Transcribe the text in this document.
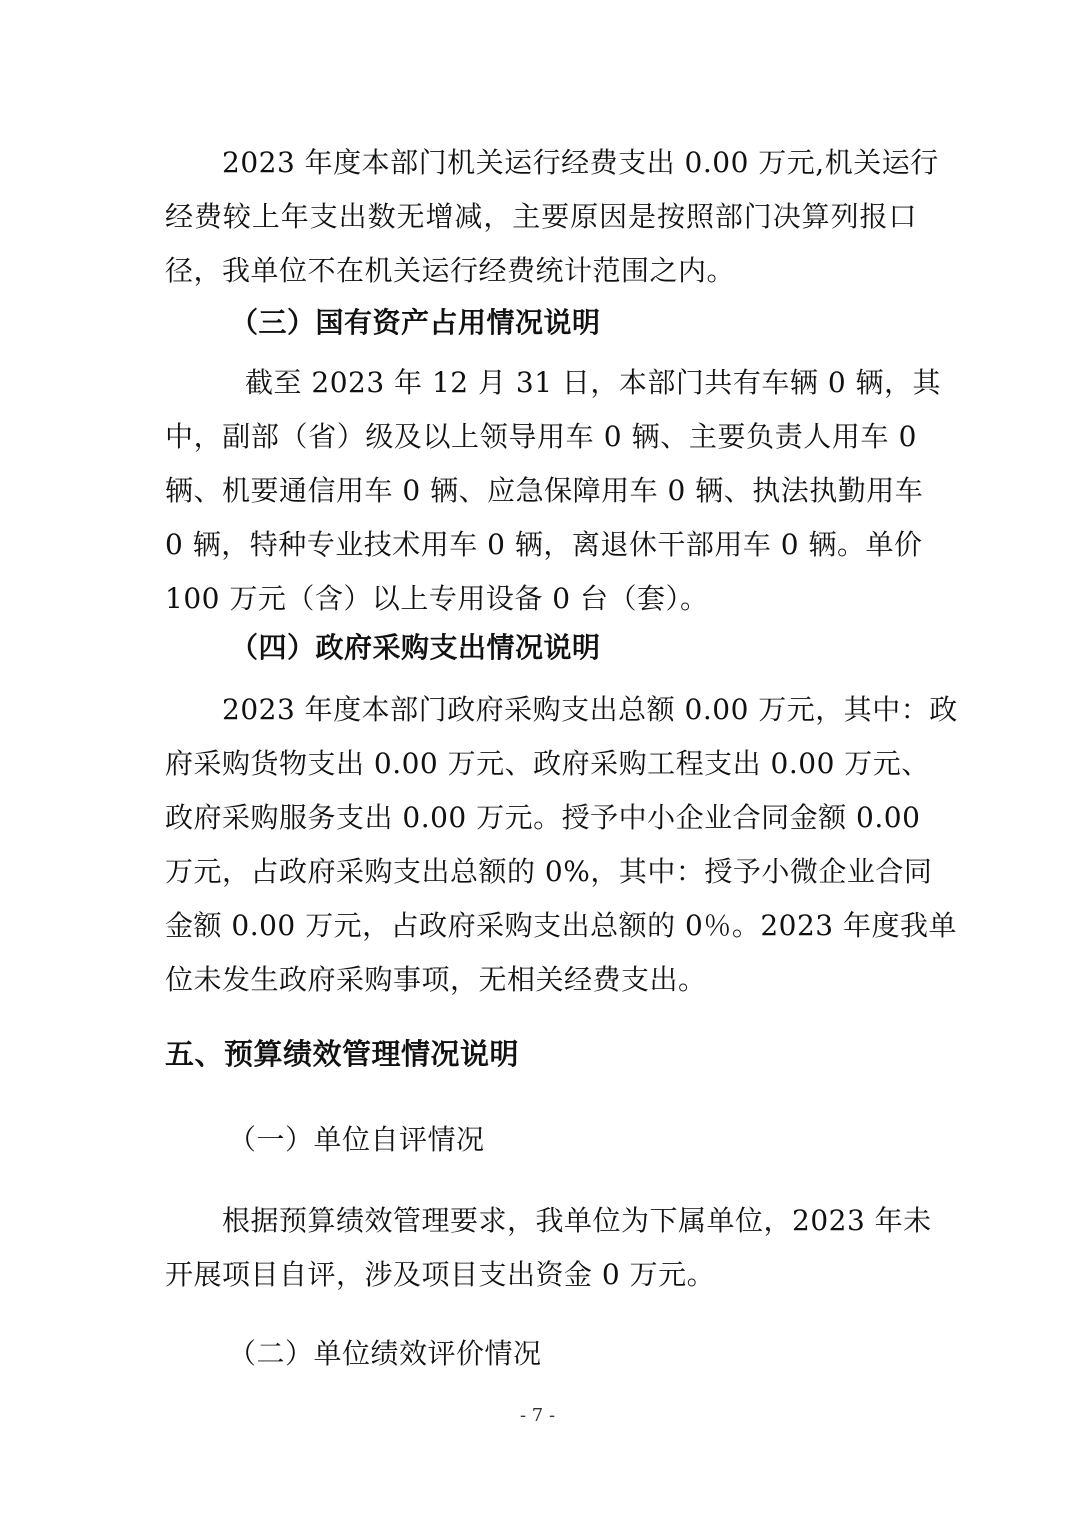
2023 年度本部门机关运行经费支出 0.00 万元,机关运行
经费较上年支出数无增减，主要原因是按照部门决算列报口
径，我单位不在机关运行经费统计范围之内。
（三）国有资产占用情况说明
截至 2023 年 12 月 31 日，本部门共有车辆 0 辆，其
中，副部（省）级及以上领导用车 0 辆、主要负责人用车 0
辆、机要通信用车 0 辆、应急保障用车 0 辆、执法执勤用车
0 辆，特种专业技术用车 0 辆，离退休干部用车 0 辆。单价
100 万元（含）以上专用设备 0 台（套）。
（四）政府采购支出情况说明
2023 年度本部门政府采购支出总额 0.00 万元，其中：政
府采购货物支出 0.00 万元、政府采购工程支出 0.00 万元、
政府采购服务支出 0.00 万元。授予中小企业合同金额 0.00
万元，占政府采购支出总额的 0%，其中：授予小微企业合同
金额 0.00 万元，占政府采购支出总额的 0％。2023 年度我单
位未发生政府采购事项，无相关经费支出。
五、预算绩效管理情况说明
（一）单位自评情况
根据预算绩效管理要求，我单位为下属单位，2023 年未
开展项目自评，涉及项目支出资金 0 万元。
（二）单位绩效评价情况
- 7 -
